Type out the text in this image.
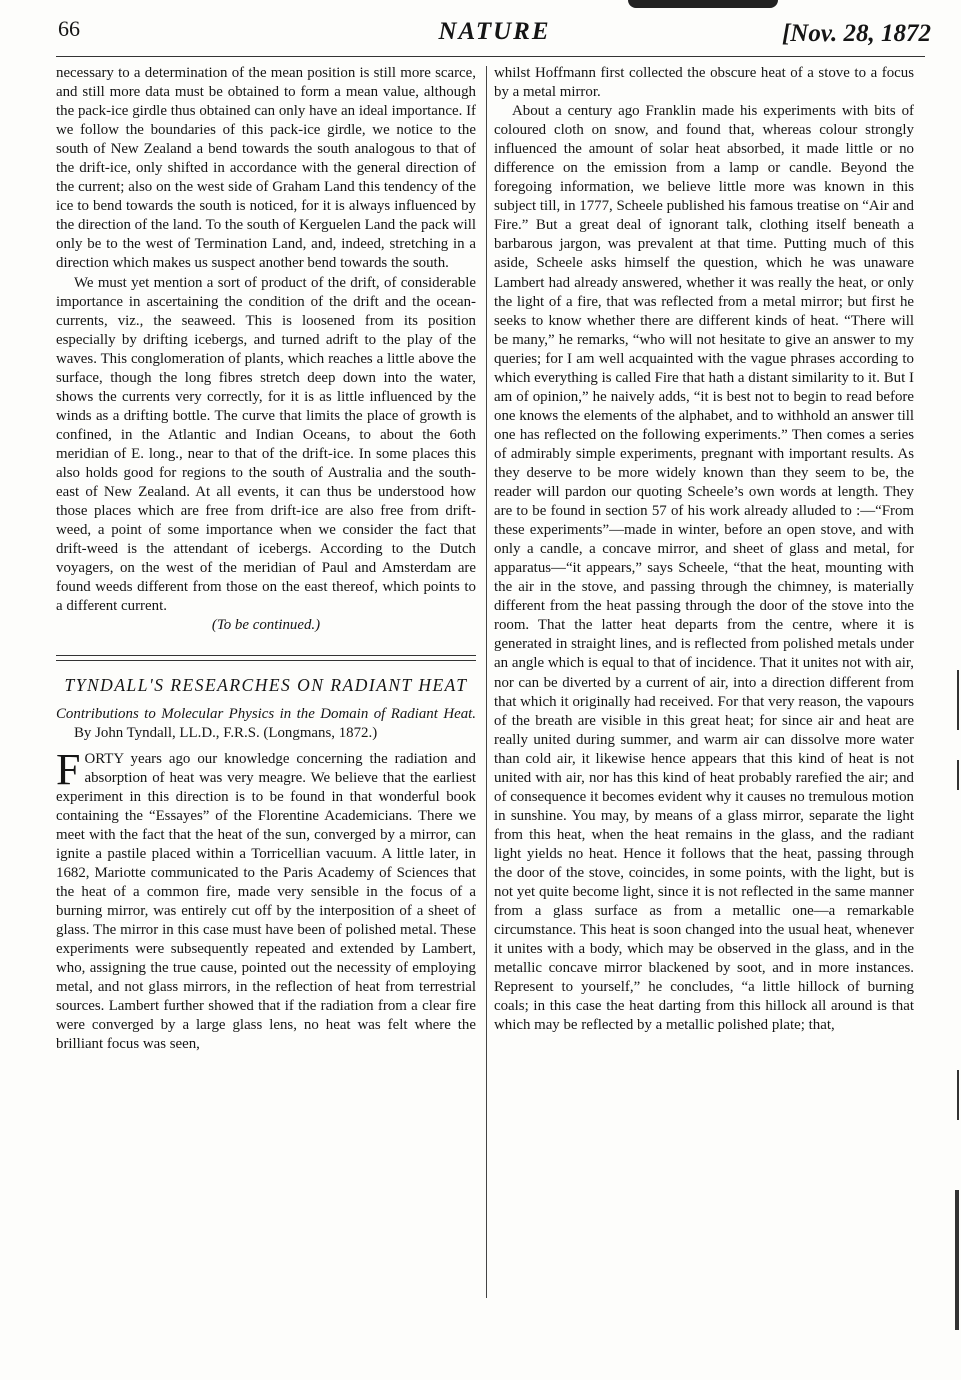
66	NATURE	[Nov. 28, 1872

necessary to a determination of the mean position is still more scarce, and still more data must be obtained to form a mean value, although the pack-ice girdle thus obtained can only have an ideal importance. If we follow the boundaries of this pack-ice girdle, we notice to the south of New Zealand a bend towards the south analogous to that of the drift-ice, only shifted in accordance with the general direction of the current; also on the west side of Graham Land this tendency of the ice to bend towards the south is noticed, for it is always influenced by the direction of the land. To the south of Kerguelen Land the pack will only be to the west of Termination Land, and, indeed, stretching in a direction which makes us suspect another bend towards the south.

We must yet mention a sort of product of the drift, of considerable importance in ascertaining the condition of the drift and the ocean-currents, viz., the seaweed. This is loosened from its position especially by drifting icebergs, and turned adrift to the play of the waves. This conglomeration of plants, which reaches a little above the surface, though the long fibres stretch deep down into the water, shows the currents very correctly, for it is as little influenced by the winds as a drifting bottle. The curve that limits the place of growth is confined, in the Atlantic and Indian Oceans, to about the 6oth meridian of E. long., near to that of the drift-ice. In some places this also holds good for regions to the south of Australia and the south-east of New Zealand. At all events, it can thus be understood how those places which are free from drift-ice are also free from drift-weed, a point of some importance when we consider the fact that drift-weed is the attendant of icebergs. According to the Dutch voyagers, on the west of the meridian of Paul and Amsterdam are found weeds different from those on the east thereof, which points to a different current.

(To be continued.)

TYNDALL'S RESEARCHES ON RADIANT HEAT

Contributions to Molecular Physics in the Domain of Radiant Heat. By John Tyndall, LL.D., F.R.S. (Longmans, 1872.)

FORTY years ago our knowledge concerning the radiation and absorption of heat was very meagre. We believe that the earliest experiment in this direction is to be found in that wonderful book containing the “Essayes” of the Florentine Academicians. There we meet with the fact that the heat of the sun, converged by a mirror, can ignite a pastile placed within a Torricellian vacuum. A little later, in 1682, Mariotte communicated to the Paris Academy of Sciences that the heat of a common fire, made very sensible in the focus of a burning mirror, was entirely cut off by the interposition of a sheet of glass. The mirror in this case must have been of polished metal. These experiments were subsequently repeated and extended by Lambert, who, assigning the true cause, pointed out the necessity of employing metal, and not glass mirrors, in the reflection of heat from terrestrial sources. Lambert further showed that if the radiation from a clear fire were converged by a large glass lens, no heat was felt where the brilliant focus was seen,

whilst Hoffmann first collected the obscure heat of a stove to a focus by a metal mirror.

About a century ago Franklin made his experiments with bits of coloured cloth on snow, and found that, whereas colour strongly influenced the amount of solar heat absorbed, it made little or no difference on the emission from a lamp or candle. Beyond the foregoing information, we believe little more was known in this subject till, in 1777, Scheele published his famous treatise on “Air and Fire.” But a great deal of ignorant talk, clothing itself beneath a barbarous jargon, was prevalent at that time. Putting much of this aside, Scheele asks himself the question, which he was unaware Lambert had already answered, whether it was really the heat, or only the light of a fire, that was reflected from a metal mirror; but first he seeks to know whether there are different kinds of heat. “There will be many,” he remarks, “who will not hesitate to give an answer to my queries; for I am well acquainted with the vague phrases according to which everything is called Fire that hath a distant similarity to it. But I am of opinion,” he naively adds, “it is best not to begin to read before one knows the elements of the alphabet, and to withhold an answer till one has reflected on the following experiments.” Then comes a series of admirably simple experiments, pregnant with important results. As they deserve to be more widely known than they seem to be, the reader will pardon our quoting Scheele’s own words at length. They are to be found in section 57 of his work already alluded to :—“From these experiments”—made in winter, before an open stove, and with only a candle, a concave mirror, and sheet of glass and metal, for apparatus—“it appears,” says Scheele, “that the heat, mounting with the air in the stove, and passing through the chimney, is materially different from the heat passing through the door of the stove into the room. That the latter heat departs from the centre, where it is generated in straight lines, and is reflected from polished metals under an angle which is equal to that of incidence. That it unites not with air, nor can be diverted by a current of air, into a direction different from that which it originally had received. For that very reason, the vapours of the breath are visible in this great heat; for since air and heat are really united during summer, and warm air can dissolve more water than cold air, it likewise hence appears that this kind of heat is not united with air, nor has this kind of heat probably rarefied the air; and of consequence it becomes evident why it causes no tremulous motion in sunshine. You may, by means of a glass mirror, separate the light from this heat, when the heat remains in the glass, and the radiant light yields no heat. Hence it follows that the heat, passing through the door of the stove, coincides, in some points, with the light, but is not yet quite become light, since it is not reflected in the same manner from a glass surface as from a metallic one—a remarkable circumstance. This heat is soon changed into the usual heat, whenever it unites with a body, which may be observed in the glass, and in the metallic concave mirror blackened by soot, and in more instances. Represent to yourself,” he concludes, “a little hillock of burning coals; in this case the heat darting from this hillock all around is that which may be reflected by a metallic polished plate; that,
